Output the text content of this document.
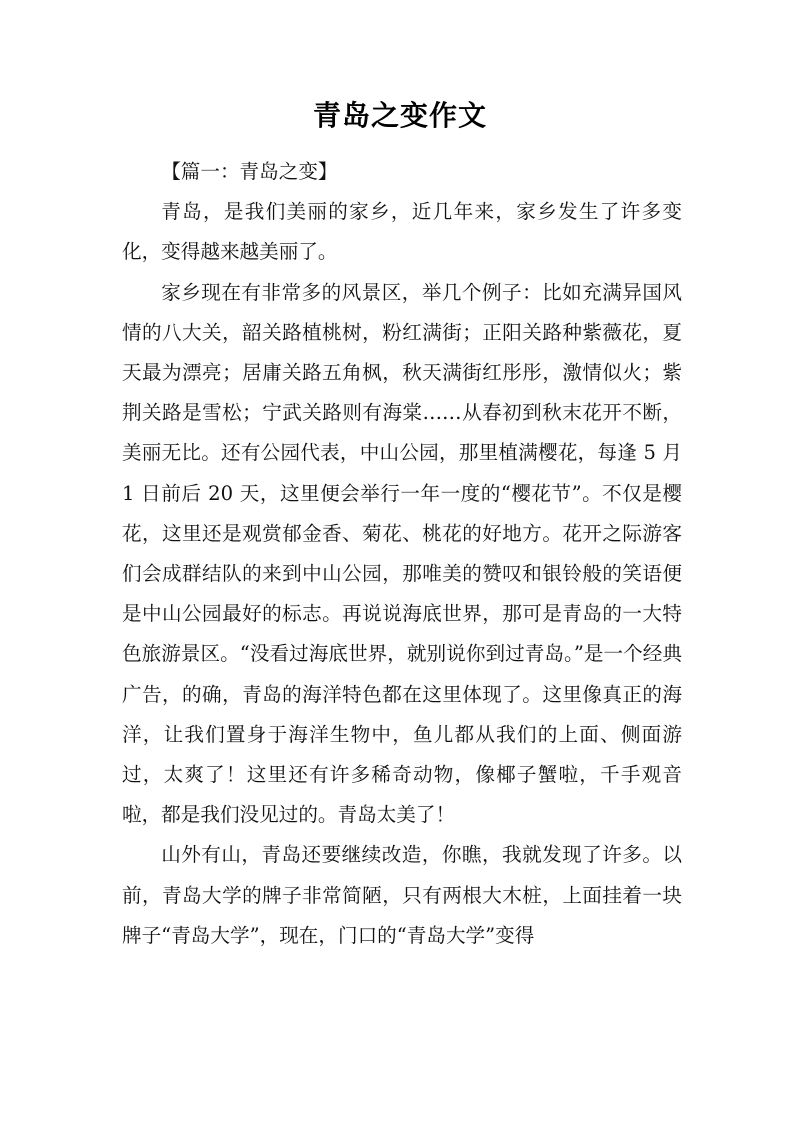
青岛之变作文

【篇一：青岛之变】

青岛，是我们美丽的家乡，近几年来，家乡发生了许多变化，变得越来越美丽了。

家乡现在有非常多的风景区，举几个例子：比如充满异国风情的八大关，韶关路植桃树，粉红满街；正阳关路种紫薇花，夏天最为漂亮；居庸关路五角枫，秋天满街红彤彤，激情似火；紫荆关路是雪松；宁武关路则有海棠……从春初到秋末花开不断，美丽无比。还有公园代表，中山公园，那里植满樱花，每逢 5 月 1 日前后 20 天，这里便会举行一年一度的“樱花节”。不仅是樱花，这里还是观赏郁金香、菊花、桃花的好地方。花开之际游客们会成群结队的来到中山公园，那唯美的赞叹和银铃般的笑语便是中山公园最好的标志。再说说海底世界，那可是青岛的一大特色旅游景区。“没看过海底世界，就别说你到过青岛。”是一个经典广告，的确，青岛的海洋特色都在这里体现了。这里像真正的海洋，让我们置身于海洋生物中，鱼儿都从我们的上面、侧面游过，太爽了！这里还有许多稀奇动物，像椰子蟹啦，千手观音啦，都是我们没见过的。青岛太美了！

山外有山，青岛还要继续改造，你瞧，我就发现了许多。以前，青岛大学的牌子非常简陋，只有两根大木桩，上面挂着一块牌子“青岛大学”，现在，门口的“青岛大学”变得
